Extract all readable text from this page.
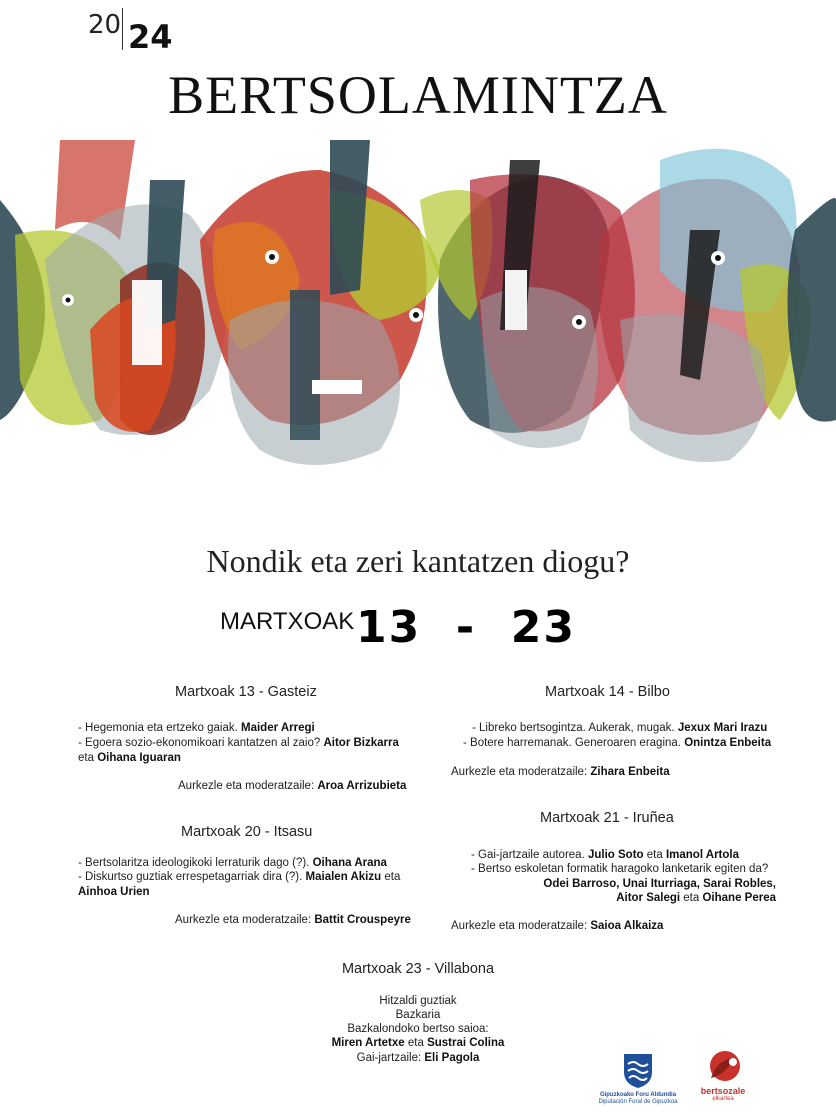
20 24
BERTSOLAMINTZA
Nondik eta zeri kantatzen diogu?
MARTXOAK 13 - 23
Martxoak 13 - Gasteiz
- Hegemonia eta ertzeko gaiak. Maider Arregi
- Egoera sozio-ekonomikoari kantatzen al zaio? Aitor Bizkarra
eta Oihana Iguaran
Aurkezle eta moderatzaile: Aroa Arrizubieta
Martxoak 14 - Bilbo
- Libreko bertsogintza. Aukerak, mugak. Jexux Mari Irazu
- Botere harremanak. Generoaren eragina. Onintza Enbeita
Aurkezle eta moderatzaile: Zihara Enbeita
Martxoak 20 - Itsasu
- Bertsolaritza ideologikoki lerraturik dago (?). Oihana Arana
- Diskurtso guztiak errespetagarriak dira (?). Maialen Akizu eta
Ainhoa Urien
Aurkezle eta moderatzaile: Battit Crouspeyre
Martxoak 21 - Iruñea
- Gai-jartzaile autorea. Julio Soto eta Imanol Artola
- Bertso eskoletan formatik haragoko lanketarik egiten da?
Odei Barroso, Unai Iturriaga, Sarai Robles,
Aitor Salegi eta Oihane Perea
Aurkezle eta moderatzaile: Saioa Alkaiza
Martxoak 23 - Villabona
Hitzaldi guztiak
Bazkaria
Bazkalondoko bertso saioa:
Miren Artetxe eta Sustrai Colina
Gai-jartzaile: Eli Pagola
Gipuzkoako Foru Aldundia
Diputación Foral de Gipuzkoa
bertsozale
elkartea
